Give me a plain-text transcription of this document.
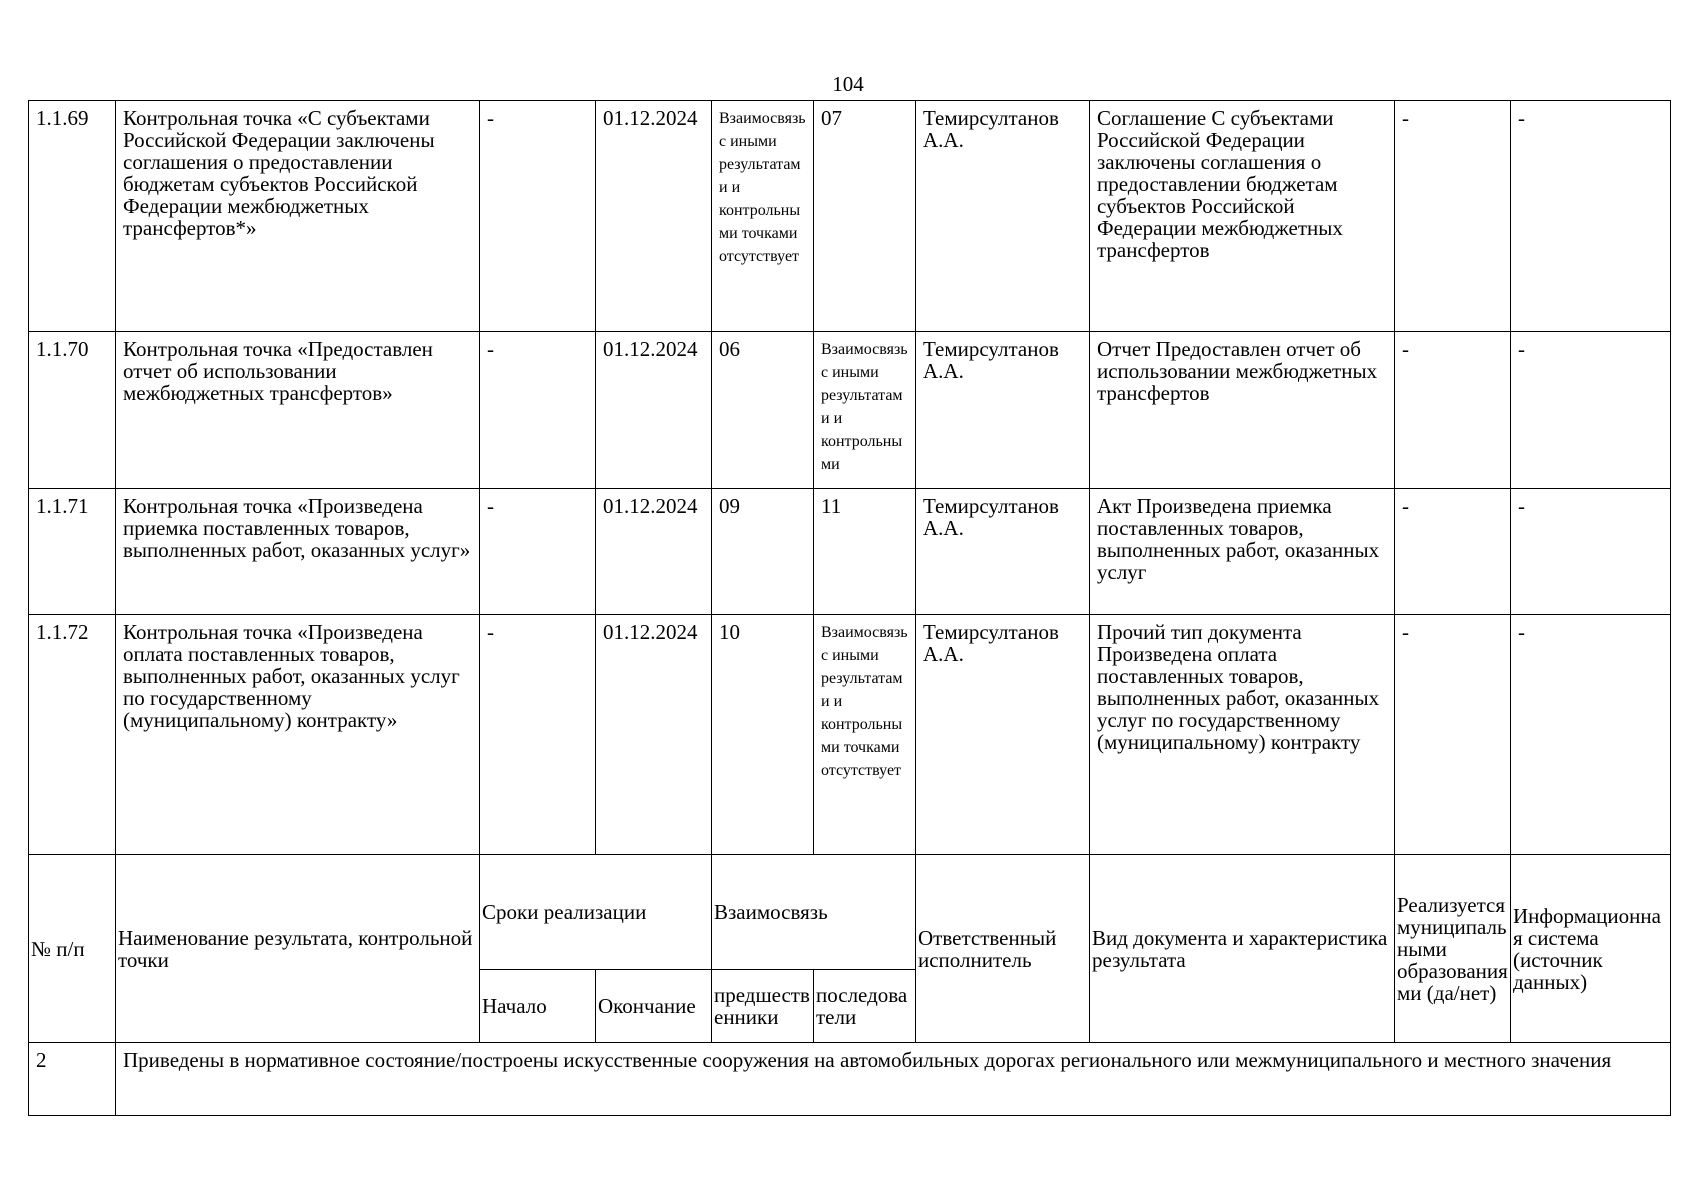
104
1.1.69	Контрольная точка «С субъектами Российской Федерации заключены соглашения о предоставлении бюджетам субъектов Российской Федерации межбюджетных трансфертов*»	-	01.12.2024	Взаимосвязь с иными результатами и контрольными точками отсутствует	07	Темирсултанов А.А.	Соглашение С субъектами Российской Федерации заключены соглашения о предоставлении бюджетам субъектов Российской Федерации межбюджетных трансфертов	-	-
1.1.70	Контрольная точка «Предоставлен отчет об использовании межбюджетных трансфертов»	-	01.12.2024	06	Взаимосвязь с иными результатами и контрольными	Темирсултанов А.А.	Отчет Предоставлен отчет об использовании межбюджетных трансфертов	-	-
1.1.71	Контрольная точка «Произведена приемка поставленных товаров, выполненных работ, оказанных услуг»	-	01.12.2024	09	11	Темирсултанов А.А.	Акт Произведена приемка поставленных товаров, выполненных работ, оказанных услуг	-	-
1.1.72	Контрольная точка «Произведена оплата поставленных товаров, выполненных работ, оказанных услуг по государственному (муниципальному) контракту»	-	01.12.2024	10	Взаимосвязь с иными результатами и контрольными точками отсутствует	Темирсултанов А.А.	Прочий тип документа Произведена оплата поставленных товаров, выполненных работ, оказанных услуг по государственному (муниципальному) контракту	-	-
№ п/п	Наименование результата, контрольной точки	Сроки реализации		Взаимосвязь		Ответственный исполнитель	Вид документа и характеристика результата	Реализуется муниципальными образованиями (да/нет)	Информационная система (источник данных)
		Начало	Окончание	предшественники	последователи				
2	Приведены в нормативное состояние/построены искусственные сооружения на автомобильных дорогах регионального или межмуниципального и местного значения								
